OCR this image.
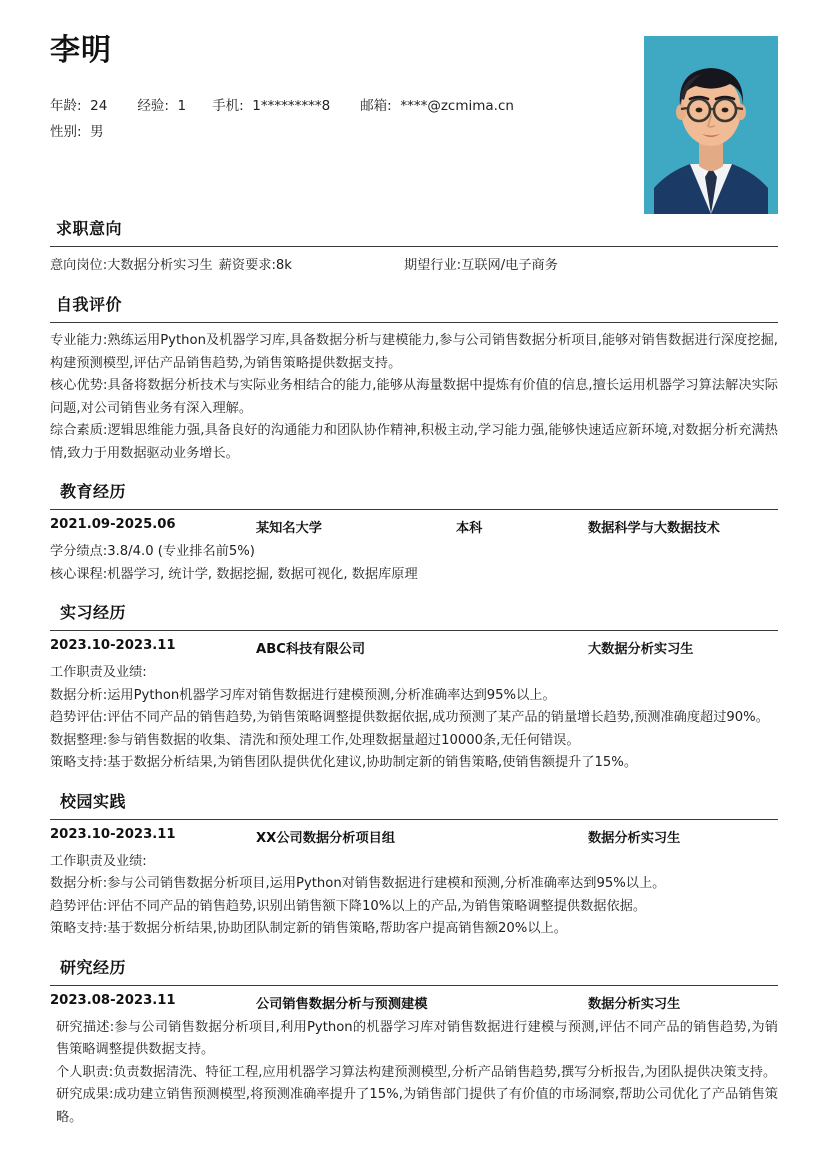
李明
年龄: 24 经验: 1 手机: 1*********8 邮箱: ****@zcmima.cn
性别: 男
求职意向
意向岗位:大数据分析实习生 薪资要求:8k	期望行业:互联网/电子商务
自我评价

专业能力:熟练运用Python及机器学习库,具备数据分析与建模能力,参与公司销售数据分析项目,能够对销售数据进行深度挖掘,构建预测模型,评估产品销售趋势,为销售策略提供数据支持。

核心优势:具备将数据分析技术与实际业务相结合的能力,能够从海量数据中提炼有价值的信息,擅长运用机器学习算法解决实际问题,对公司销售业务有深入理解。

综合素质:逻辑思维能力强,具备良好的沟通能力和团队协作精神,积极主动,学习能力强,能够快速适应新环境,对数据分析充满热情,致力于用数据驱动业务增长。

教育经历
2021.09-2025.06	某知名大学	本科	数据科学与大数据技术

学分绩点:3.8/4.0 (专业排名前5%)

核心课程:机器学习, 统计学, 数据挖掘, 数据可视化, 数据库原理

实习经历
2023.10-2023.11	ABC科技有限公司	大数据分析实习生

工作职责及业绩:

数据分析:运用Python机器学习库对销售数据进行建模预测,分析准确率达到95%以上。

趋势评估:评估不同产品的销售趋势,为销售策略调整提供数据依据,成功预测了某产品的销量增长趋势,预测准确度超过90%。

数据整理:参与销售数据的收集、清洗和预处理工作,处理数据量超过10000条,无任何错误。

策略支持:基于数据分析结果,为销售团队提供优化建议,协助制定新的销售策略,使销售额提升了15%。

校园实践
2023.10-2023.11	XX公司数据分析项目组	数据分析实习生

工作职责及业绩:

数据分析:参与公司销售数据分析项目,运用Python对销售数据进行建模和预测,分析准确率达到95%以上。

趋势评估:评估不同产品的销售趋势,识别出销售额下降10%以上的产品,为销售策略调整提供数据依据。

策略支持:基于数据分析结果,协助团队制定新的销售策略,帮助客户提高销售额20%以上。

研究经历
2023.08-2023.11	公司销售数据分析与预测建模	数据分析实习生

研究描述:参与公司销售数据分析项目,利用Python的机器学习库对销售数据进行建模与预测,评估不同产品的销售趋势,为销售策略调整提供数据支持。

个人职责:负责数据清洗、特征工程,应用机器学习算法构建预测模型,分析产品销售趋势,撰写分析报告,为团队提供决策支持。

研究成果:成功建立销售预测模型,将预测准确率提升了15%,为销售部门提供了有价值的市场洞察,帮助公司优化了产品销售策略。
